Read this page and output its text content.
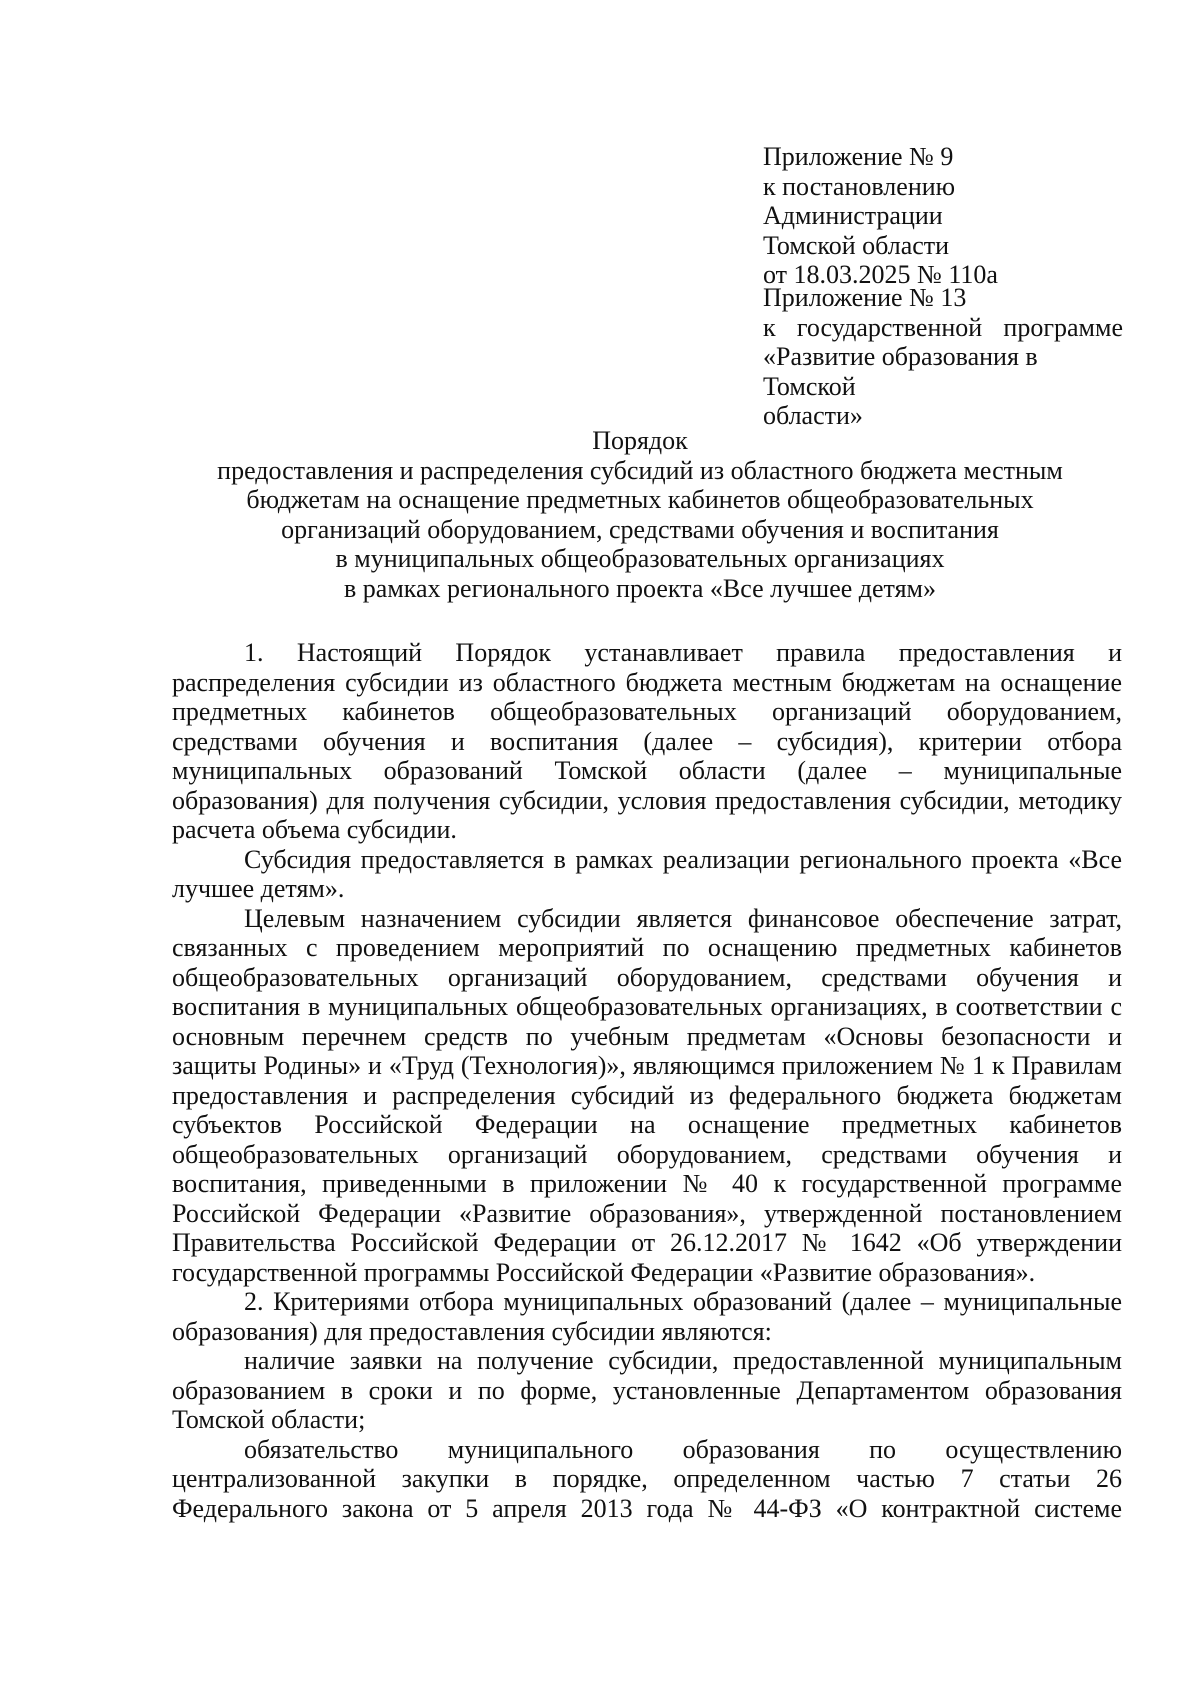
Приложение № 9

к постановлению Администрации

Томской области

от 18.03.2025 № 110а

Приложение № 13

к государственной программе

«Развитие образования в Томской

области»

Порядок

предоставления и распределения субсидий из областного бюджета местным

бюджетам на оснащение предметных кабинетов общеобразовательных

организаций оборудованием, средствами обучения и воспитания

в муниципальных общеобразовательных организациях

в рамках регионального проекта «Все лучшее детям»

1. Настоящий Порядок устанавливает правила предоставления и распределения субсидии из областного бюджета местным бюджетам на оснащение предметных кабинетов общеобразовательных организаций оборудованием, средствами обучения и воспитания (далее – субсидия), критерии отбора муниципальных образований Томской области (далее – муниципальные образования) для получения субсидии, условия предоставления субсидии, методику расчета объема субсидии.

Субсидия предоставляется в рамках реализации регионального проекта «Все лучшее детям».

Целевым назначением субсидии является финансовое обеспечение затрат, связанных с проведением мероприятий по оснащению предметных кабинетов общеобразовательных организаций оборудованием, средствами обучения и воспитания в муниципальных общеобразовательных организациях, в соответствии с основным перечнем средств по учебным предметам «Основы безопасности и защиты Родины» и «Труд (Технология)», являющимся приложением № 1 к Правилам предоставления и распределения субсидий из федерального бюджета бюджетам субъектов Российской Федерации на оснащение предметных кабинетов общеобразовательных организаций оборудованием, средствами обучения и воспитания, приведенными в приложении № 40 к государственной программе Российской Федерации «Развитие образования», утвержденной постановлением Правительства Российской Федерации от 26.12.2017 № 1642 «Об утверждении государственной программы Российской Федерации «Развитие образования».

2. Критериями отбора муниципальных образований (далее – муниципальные образования) для предоставления субсидии являются:

наличие заявки на получение субсидии, предоставленной муниципальным образованием в сроки и по форме, установленные Департаментом образования Томской области;

обязательство муниципального образования по осуществлению централизованной закупки в порядке, определенном частью 7 статьи 26 Федерального закона от 5 апреля 2013 года № 44-ФЗ «О контрактной системе
